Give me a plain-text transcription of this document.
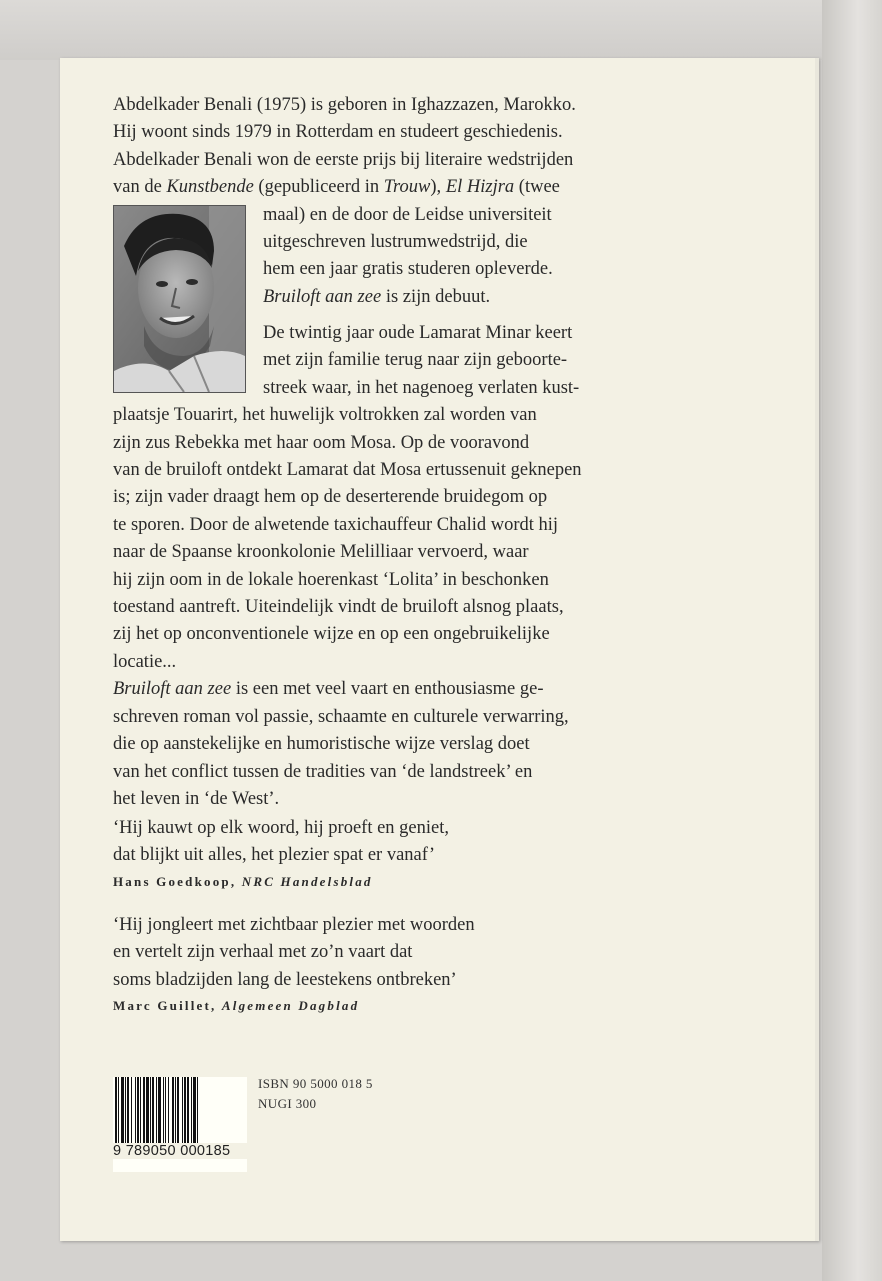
Abdelkader Benali (1975) is geboren in Ighazzazen, Marokko.
Hij woont sinds 1979 in Rotterdam en studeert geschiedenis.
Abdelkader Benali won de eerste prijs bij literaire wedstrijden
van de Kunstbende (gepubliceerd in Trouw), El Hizjra (twee
maal) en de door de Leidse universiteit
uitgeschreven lustrumwedstrijd, die
hem een jaar gratis studeren opleverde.
Bruiloft aan zee is zijn debuut.
De twintig jaar oude Lamarat Minar keert
met zijn familie terug naar zijn geboorte-
streek waar, in het nagenoeg verlaten kust-
plaatsje Touarirt, het huwelijk voltrokken zal worden van
zijn zus Rebekka met haar oom Mosa. Op de vooravond
van de bruiloft ontdekt Lamarat dat Mosa ertussenuit geknepen
is; zijn vader draagt hem op de deserterende bruidegom op
te sporen. Door de alwetende taxichauffeur Chalid wordt hij
naar de Spaanse kroonkolonie Melilliaar vervoerd, waar
hij zijn oom in de lokale hoerenkast ‘Lolita’ in beschonken
toestand aantreft. Uiteindelijk vindt de bruiloft alsnog plaats,
zij het op onconventionele wijze en op een ongebruikelijke
locatie...
Bruiloft aan zee is een met veel vaart en enthousiasme ge-
schreven roman vol passie, schaamte en culturele verwarring,
die op aanstekelijke en humoristische wijze verslag doet
van het conflict tussen de tradities van ‘de landstreek’ en
het leven in ‘de West’.
‘Hij kauwt op elk woord, hij proeft en geniet,
dat blijkt uit alles, het plezier spat er vanaf’
Hans Goedkoop, NRC Handelsblad
‘Hij jongleert met zichtbaar plezier met woorden
en vertelt zijn verhaal met zo’n vaart dat
soms bladzijden lang de leestekens ontbreken’
Marc Guillet, Algemeen Dagblad
9 789050 000185
ISBN 90 5000 018 5
NUGI 300
